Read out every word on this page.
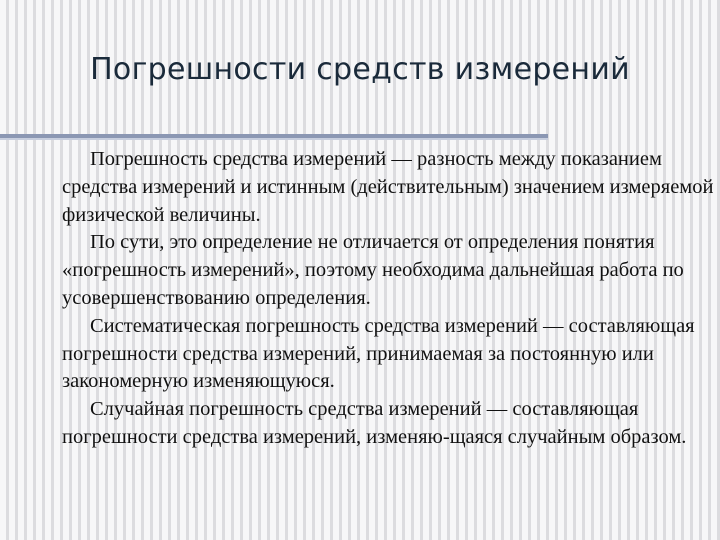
Погрешности средств измерений

Погрешность средства измерений — разность между показанием средства измерений и истинным (действительным) значением измеряемой физической величины.

По сути, это определение не отличается от определения понятия «погрешность измерений», поэтому необходима дальнейшая работа по усовершенствованию определения.

Систематическая погрешность средства измерений — составляющая погрешности средства измерений, принимаемая за постоянную или закономерную изменяющуюся.

Случайная погрешность средства измерений — составляющая погрешности средства измерений, изменяю-щаяся случайным образом.
